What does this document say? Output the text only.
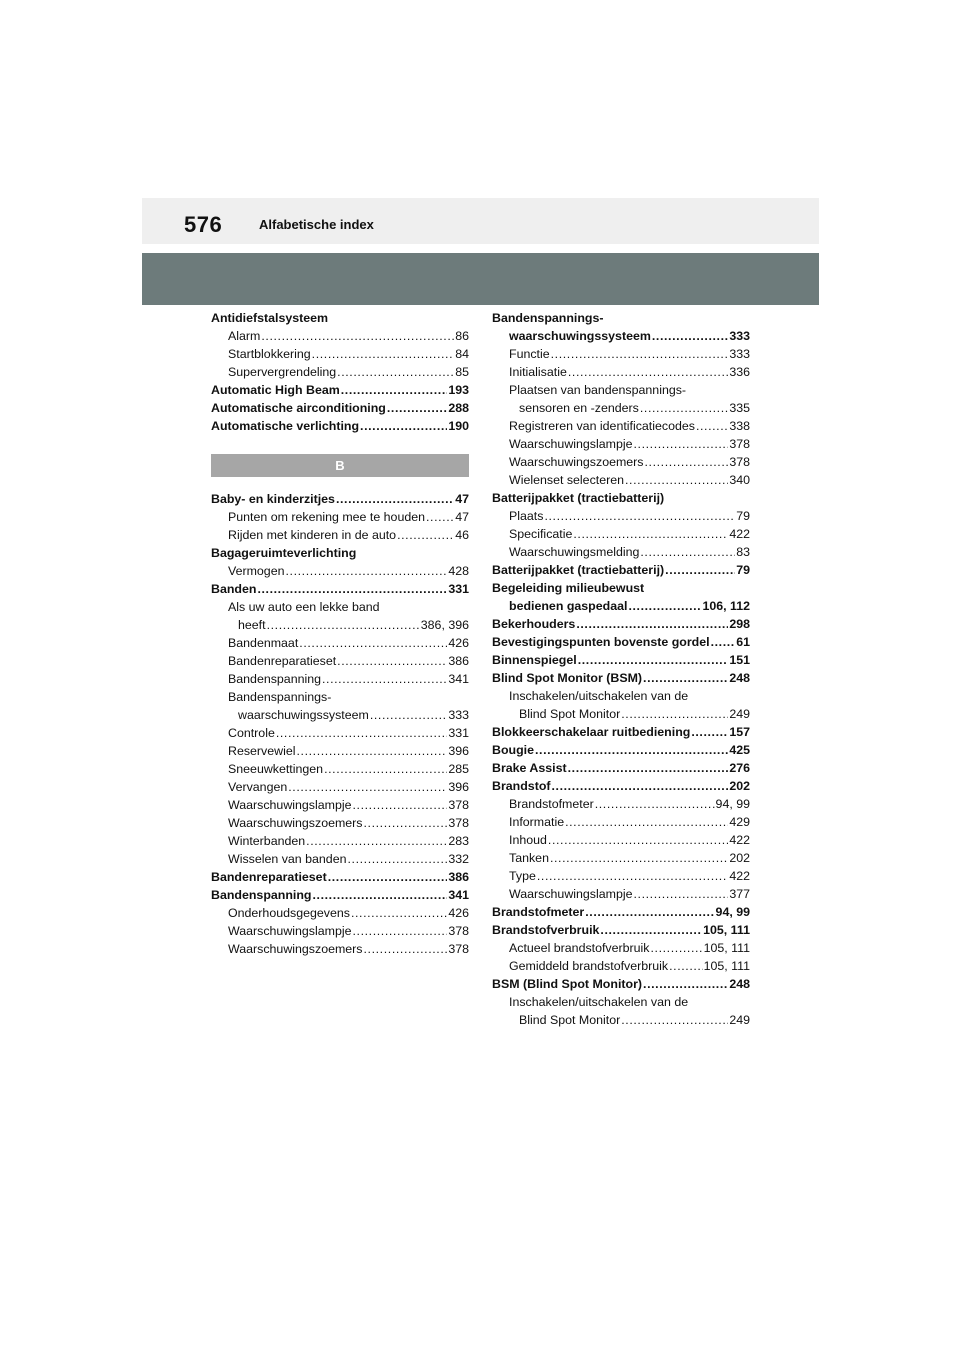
576	Alfabetische index
Antidiefstalsysteem
Alarm .....	86
Startblokkering .....	84
Supervergrendeling .....	85
Automatic High Beam .....	193
Automatische airconditioning .....	288
Automatische verlichting .....	190
B
Baby- en kinderzitjes .....	47
Punten om rekening mee te houden ..... 47
Rijden met kinderen in de auto .....	46
Bagageruimteverlichting
Vermogen .....	428
Banden .....	331
Als uw auto een lekke band
heeft .....	386, 396
Bandenmaat .....	426
Bandenreparatieset .....	386
Bandenspanning .....	341
Bandenspannings-
waarschuwingssysteem .....	333
Controle .....	331
Reservewiel .....	396
Sneeuwkettingen .....	285
Vervangen .....	396
Waarschuwingslampje .....	378
Waarschuwingszoemers .....	378
Winterbanden .....	283
Wisselen van banden .....	332
Bandenreparatieset .....	386
Bandenspanning .....	341
Onderhoudsgegevens .....	426
Waarschuwingslampje .....	378
Waarschuwingszoemers .....	378
Bandenspannings-
waarschuwingssysteem .....	333
Functie .....	333
Initialisatie .....	336
Plaatsen van bandenspannings-
sensoren en -zenders .....	335
Registreren van identificatiecodes .....	338
Waarschuwingslampje .....	378
Waarschuwingszoemers .....	378
Wielenset selecteren .....	340
Batterijpakket (tractiebatterij)
Plaats .....	79
Specificatie .....	422
Waarschuwingsmelding .....	83
Batterijpakket (tractiebatterij) .....	79
Begeleiding milieubewust
bedienen gaspedaal .....	106, 112
Bekerhouders .....	298
Bevestigingspunten bovenste gordel ..... 61
Binnenspiegel .....	151
Blind Spot Monitor (BSM) .....	248
Inschakelen/uitschakelen van de
Blind Spot Monitor .....	249
Blokkeerschakelaar ruitbediening .....	157
Bougie .....	425
Brake Assist .....	276
Brandstof .....	202
Brandstofmeter .....	94, 99
Informatie .....	429
Inhoud .....	422
Tanken .....	202
Type .....	422
Waarschuwingslampje .....	377
Brandstofmeter .....	94, 99
Brandstofverbruik .....	105, 111
Actueel brandstofverbruik .....	105, 111
Gemiddeld brandstofverbruik .....	105, 111
BSM (Blind Spot Monitor) .....	248
Inschakelen/uitschakelen van de
Blind Spot Monitor .....	249
